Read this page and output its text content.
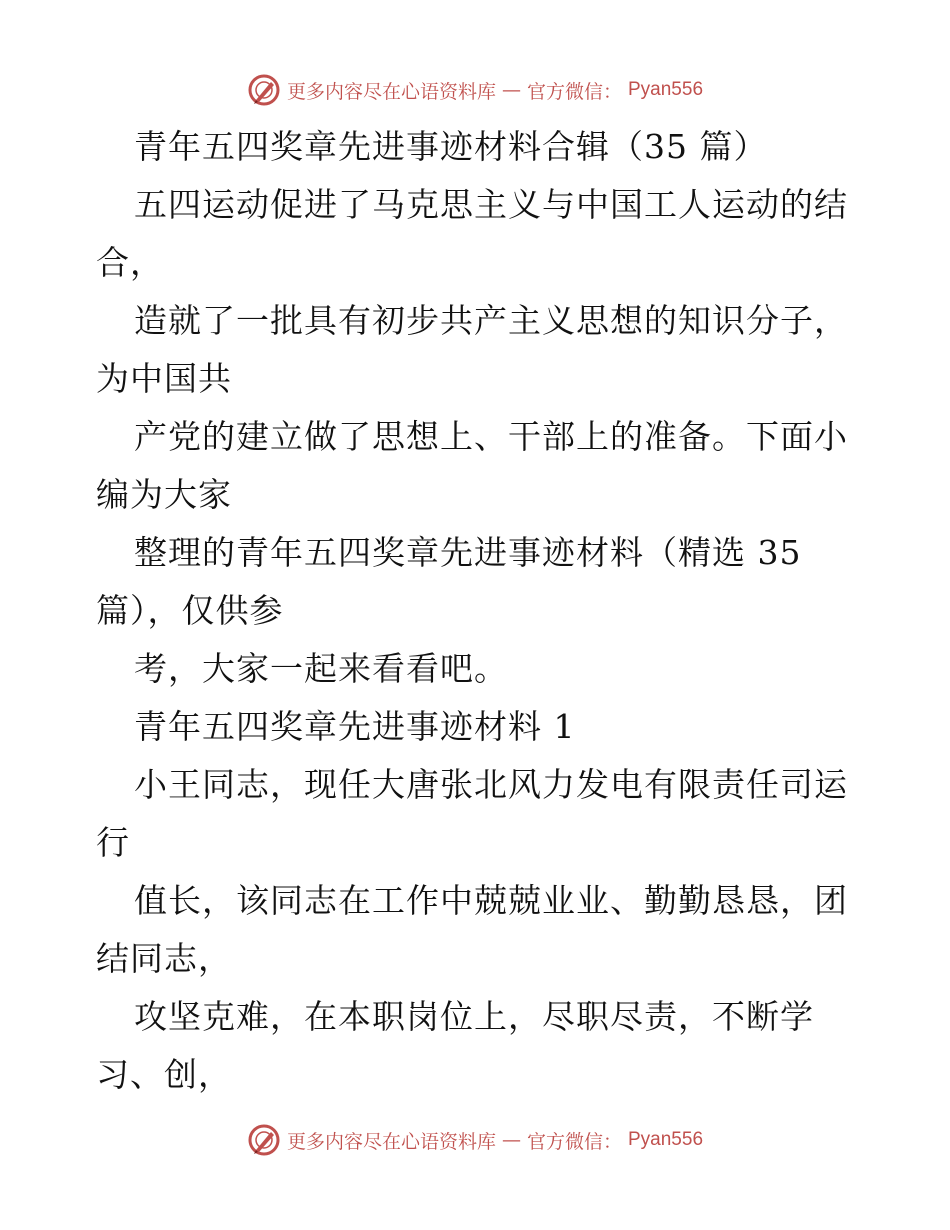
更多内容尽在心语资料库 — 官方微信： Pyan556
青年五四奖章先进事迹材料合辑（35 篇）
五四运动促进了马克思主义与中国工人运动的结
合，
造就了一批具有初步共产主义思想的知识分子，
为中国共
产党的建立做了思想上、干部上的准备。下面小
编为大家
整理的青年五四奖章先进事迹材料（精选 35
篇），仅供参
考，大家一起来看看吧。
青年五四奖章先进事迹材料 1
小王同志，现任大唐张北风力发电有限责任司运
行
值长，该同志在工作中兢兢业业、勤勤恳恳，团
结同志，
攻坚克难，在本职岗位上，尽职尽责，不断学
习、创，
更多内容尽在心语资料库 — 官方微信： Pyan556
